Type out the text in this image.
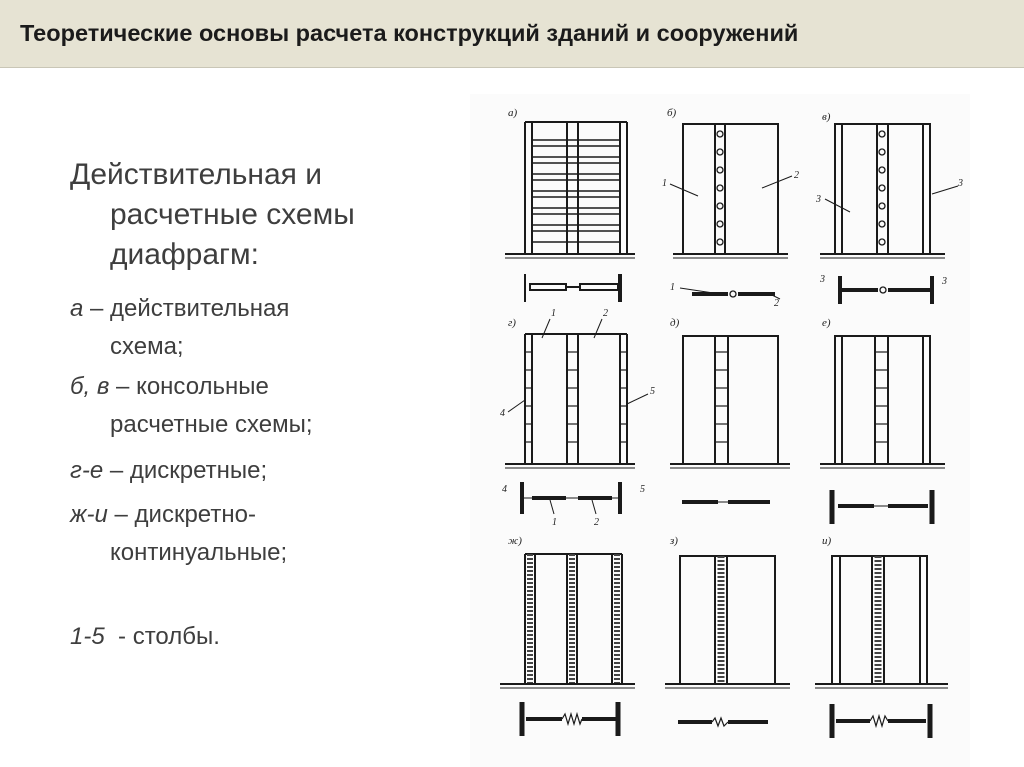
Теоретические основы расчета конструкций зданий и сооружений
Действительная и
расчетные схемы
диафрагм:
а – действительная
схема;
б, в – консольные
расчетные схемы;
г-е – дискретные;
ж-и – дискретно-
континуальные;
1-5  - столбы.
а)	б)	в)
г)	д)	е)
ж)	з)	и)
1
2
1
2
3
3
3	3
1	2
4
5
4	5
1	2
